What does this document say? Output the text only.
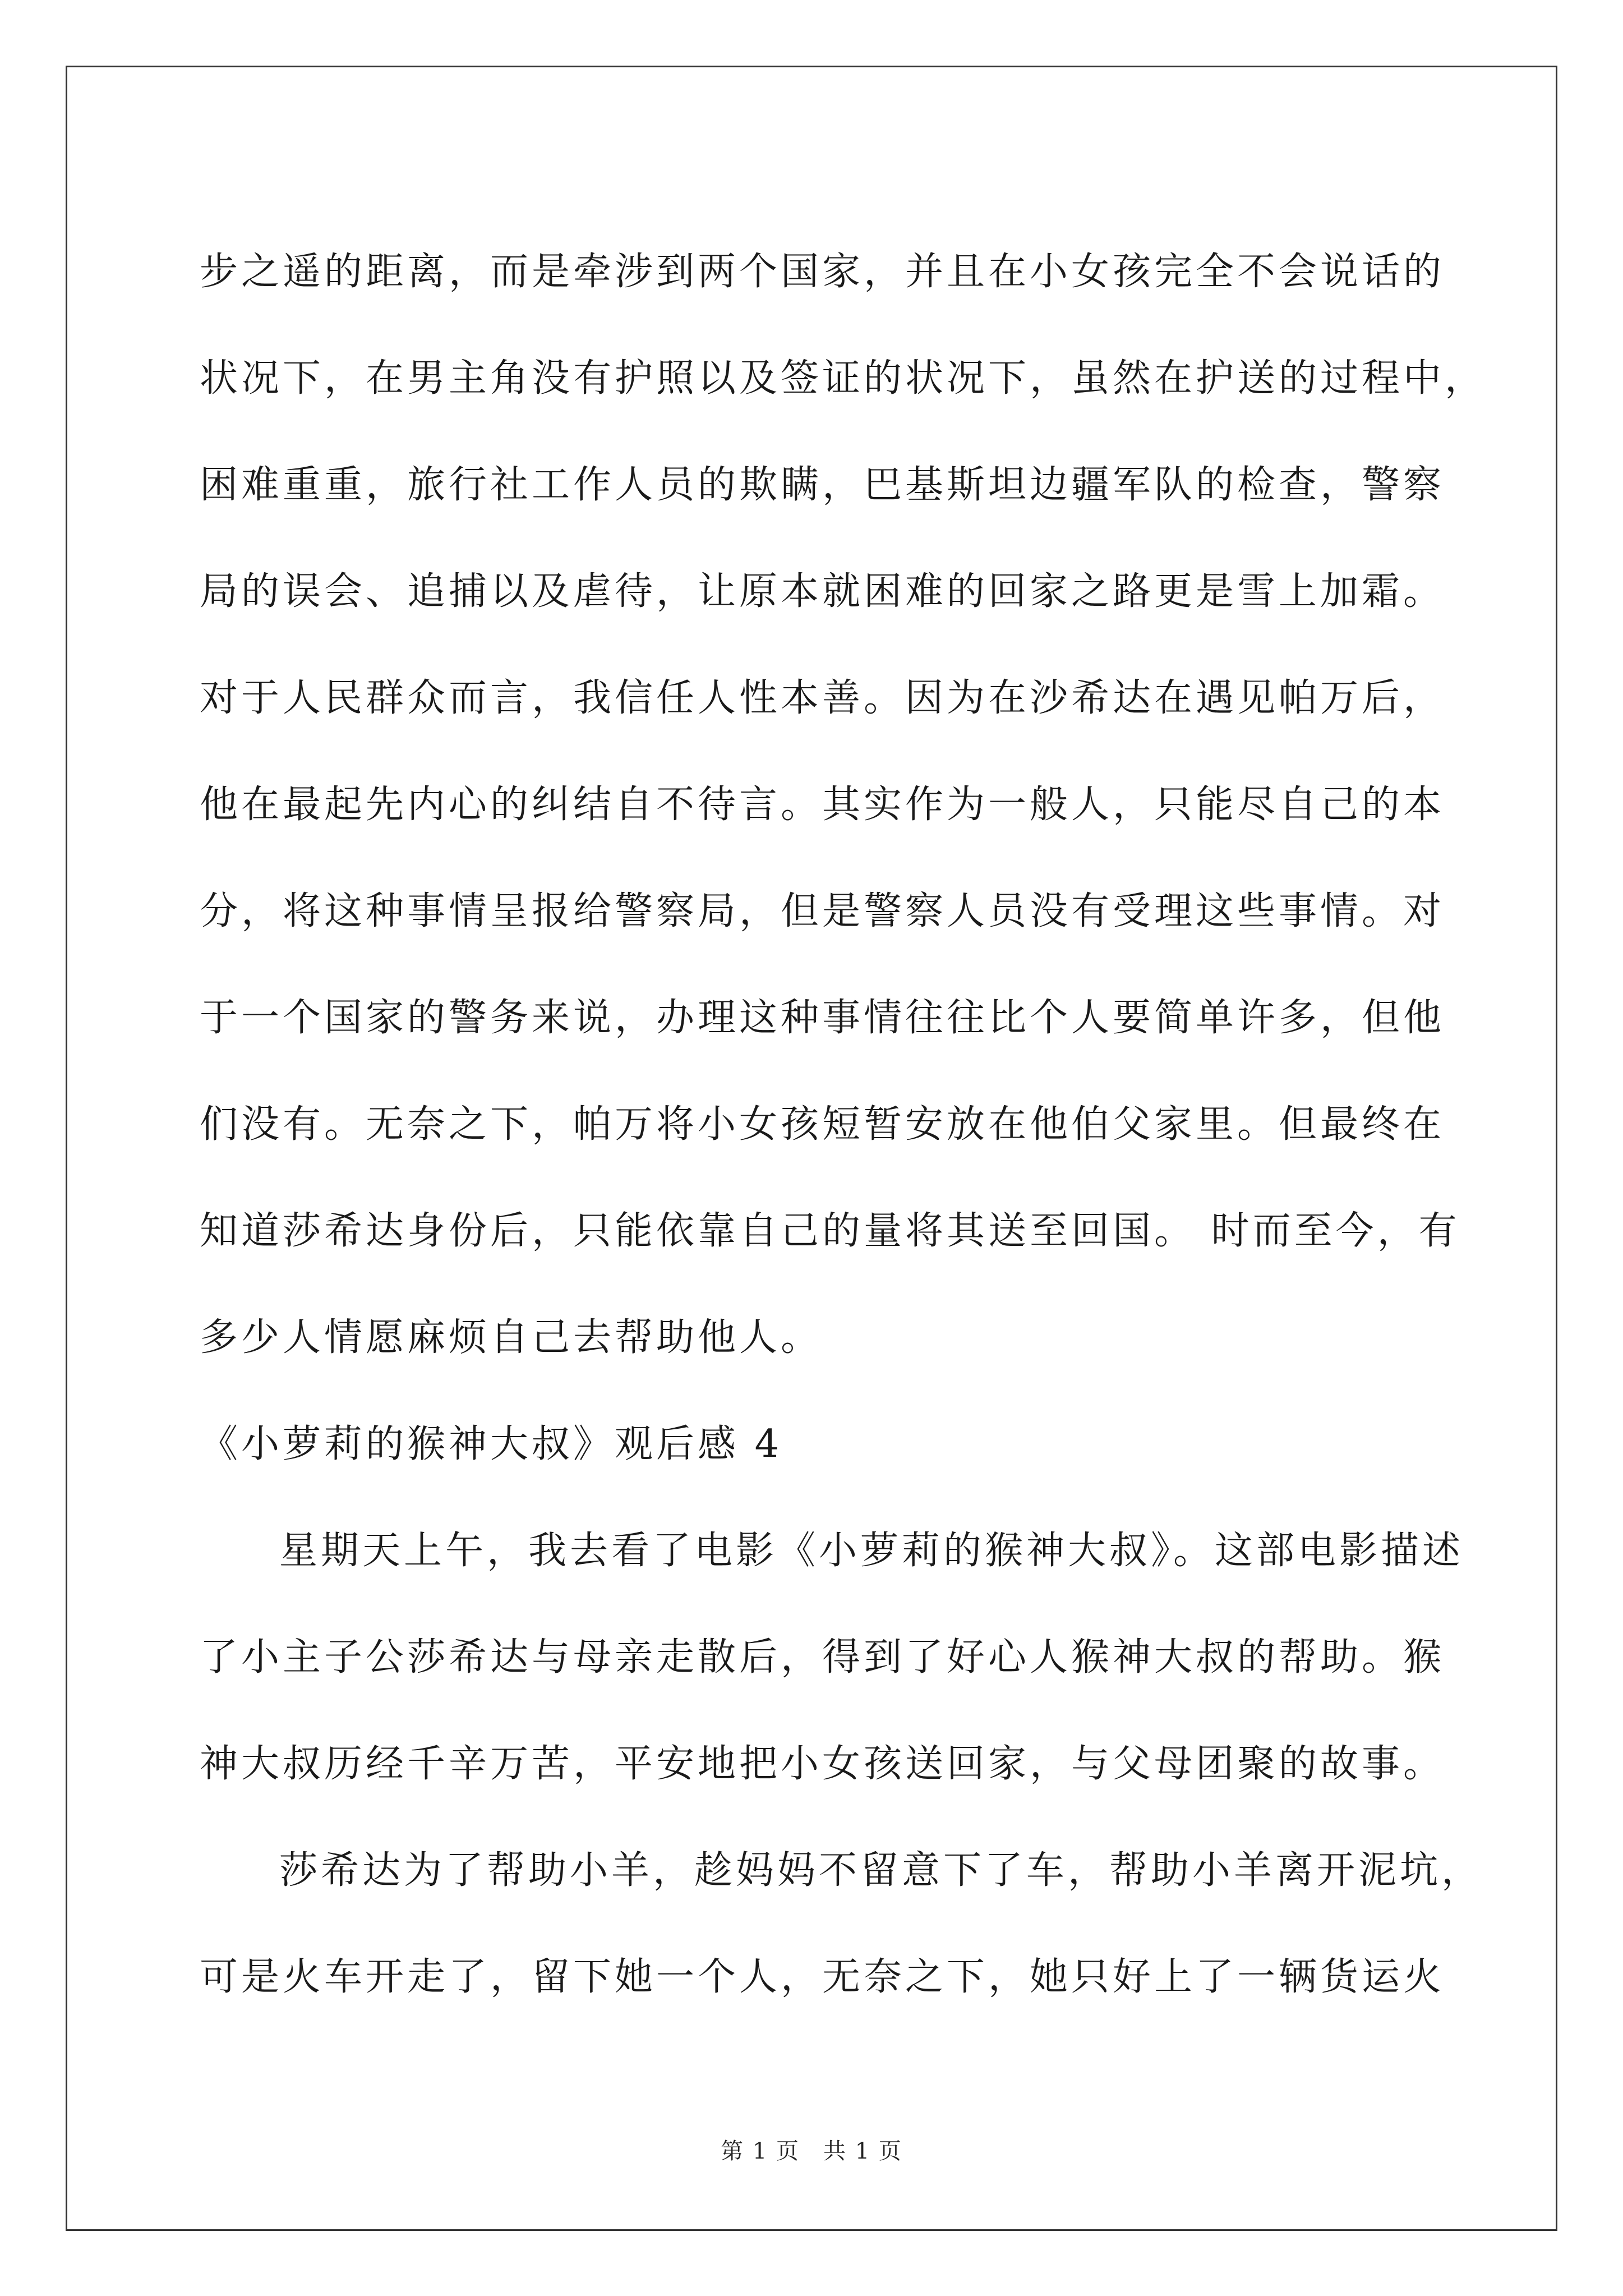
步之遥的距离，而是牵涉到两个国家，并且在小女孩完全不会说话的
状况下，在男主角没有护照以及签证的状况下，虽然在护送的过程中，
困难重重，旅行社工作人员的欺瞒，巴基斯坦边疆军队的检查，警察
局的误会、追捕以及虐待，让原本就困难的回家之路更是雪上加霜。
对于人民群众而言，我信任人性本善。因为在沙希达在遇见帕万后，
他在最起先内心的纠结自不待言。其实作为一般人，只能尽自己的本
分，将这种事情呈报给警察局，但是警察人员没有受理这些事情。对
于一个国家的警务来说，办理这种事情往往比个人要简单许多，但他
们没有。无奈之下，帕万将小女孩短暂安放在他伯父家里。但最终在
知道莎希达身份后，只能依靠自己的量将其送至回国。 时而至今，有
多少人情愿麻烦自己去帮助他人。
《小萝莉的猴神大叔》观后感 4
星期天上午，我去看了电影《小萝莉的猴神大叔》。这部电影描述
了小主子公莎希达与母亲走散后，得到了好心人猴神大叔的帮助。猴
神大叔历经千辛万苦，平安地把小女孩送回家，与父母团聚的故事。
莎希达为了帮助小羊，趁妈妈不留意下了车，帮助小羊离开泥坑，
可是火车开走了，留下她一个人，无奈之下，她只好上了一辆货运火
第 1 页　共 1 页
